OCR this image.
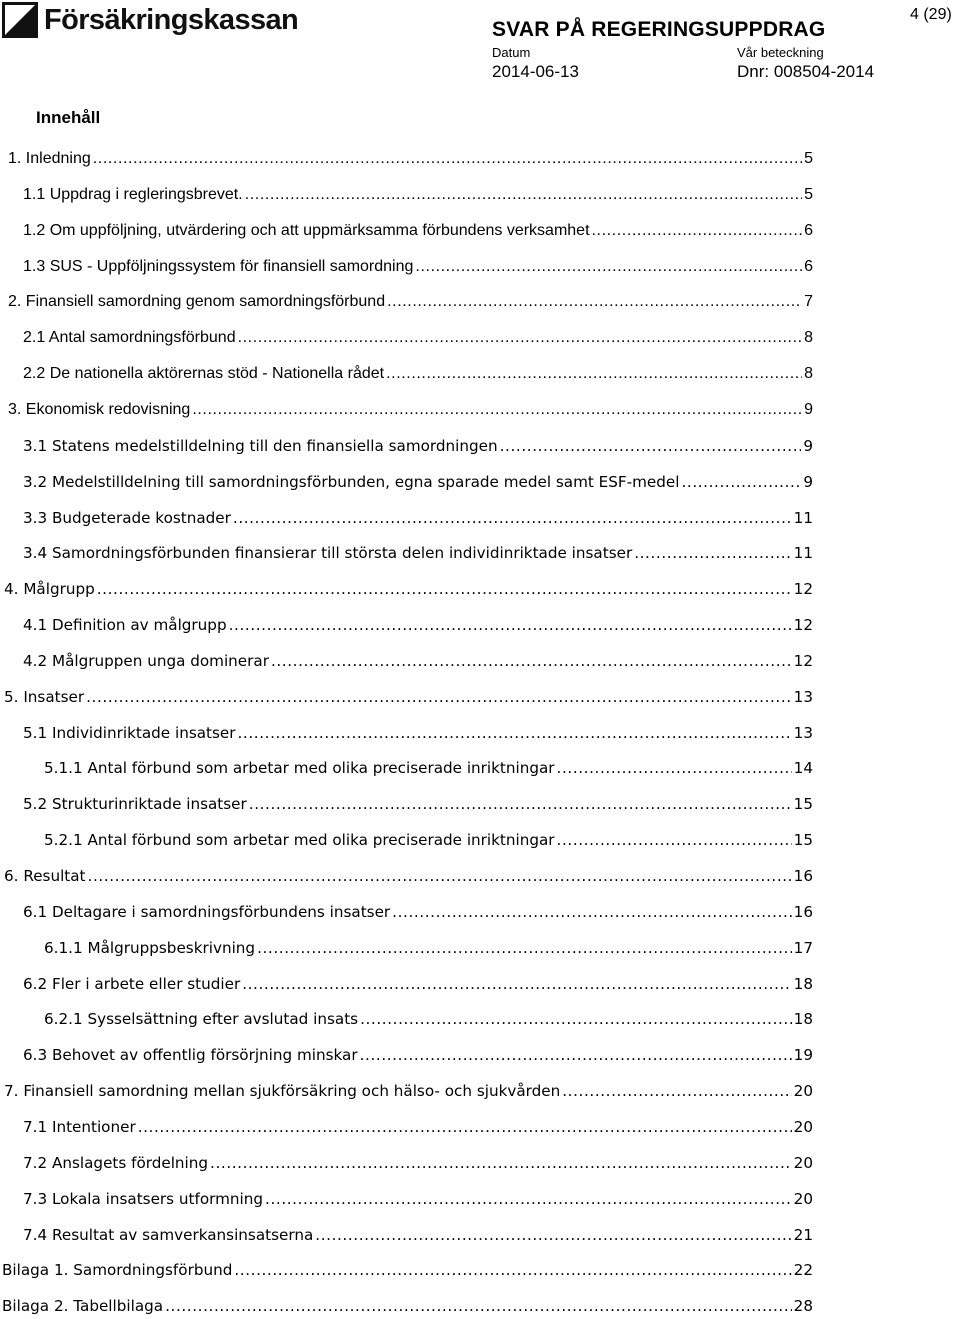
Försäkringskassan	SVAR PÅ REGERINGSUPPDRAG
Datum
2014-06-13
Vår beteckning
Dnr: 008504-2014
4 (29)
Innehåll
1. Inledning .....	5
1.1 Uppdrag i regleringsbrevet. .....	5
1.2 Om uppföljning, utvärdering och att uppmärksamma förbundens verksamhet .....	6
1.3 SUS - Uppföljningssystem för finansiell samordning .....	6
2. Finansiell samordning genom samordningsförbund .....	7
2.1 Antal samordningsförbund .....	8
2.2 De nationella aktörernas stöd - Nationella rådet .....	8
3. Ekonomisk redovisning .....	9
3.1 Statens medelstilldelning till den finansiella samordningen .....	9
3.2 Medelstilldelning till samordningsförbunden, egna sparade medel samt ESF-medel .....	9
3.3 Budgeterade kostnader .....	11
3.4 Samordningsförbunden finansierar till största delen individinriktade insatser .....	11
4. Målgrupp .....	12
4.1 Definition av målgrupp .....	12
4.2 Målgruppen unga dominerar .....	12
5. Insatser .....	13
5.1 Individinriktade insatser .....	13
5.1.1 Antal förbund som arbetar med olika preciserade inriktningar .....	14
5.2 Strukturinriktade insatser .....	15
5.2.1 Antal förbund som arbetar med olika preciserade inriktningar .....	15
6. Resultat .....	16
6.1 Deltagare i samordningsförbundens insatser .....	16
6.1.1 Målgruppsbeskrivning .....	17
6.2 Fler i arbete eller studier .....	18
6.2.1 Sysselsättning efter avslutad insats .....	18
6.3 Behovet av offentlig försörjning minskar .....	19
7. Finansiell samordning mellan sjukförsäkring och hälso- och sjukvården .....	20
7.1 Intentioner .....	20
7.2 Anslagets fördelning .....	20
7.3 Lokala insatsers utformning .....	20
7.4 Resultat av samverkansinsatserna .....	21
Bilaga 1. Samordningsförbund .....	22
Bilaga 2. Tabellbilaga .....	28
